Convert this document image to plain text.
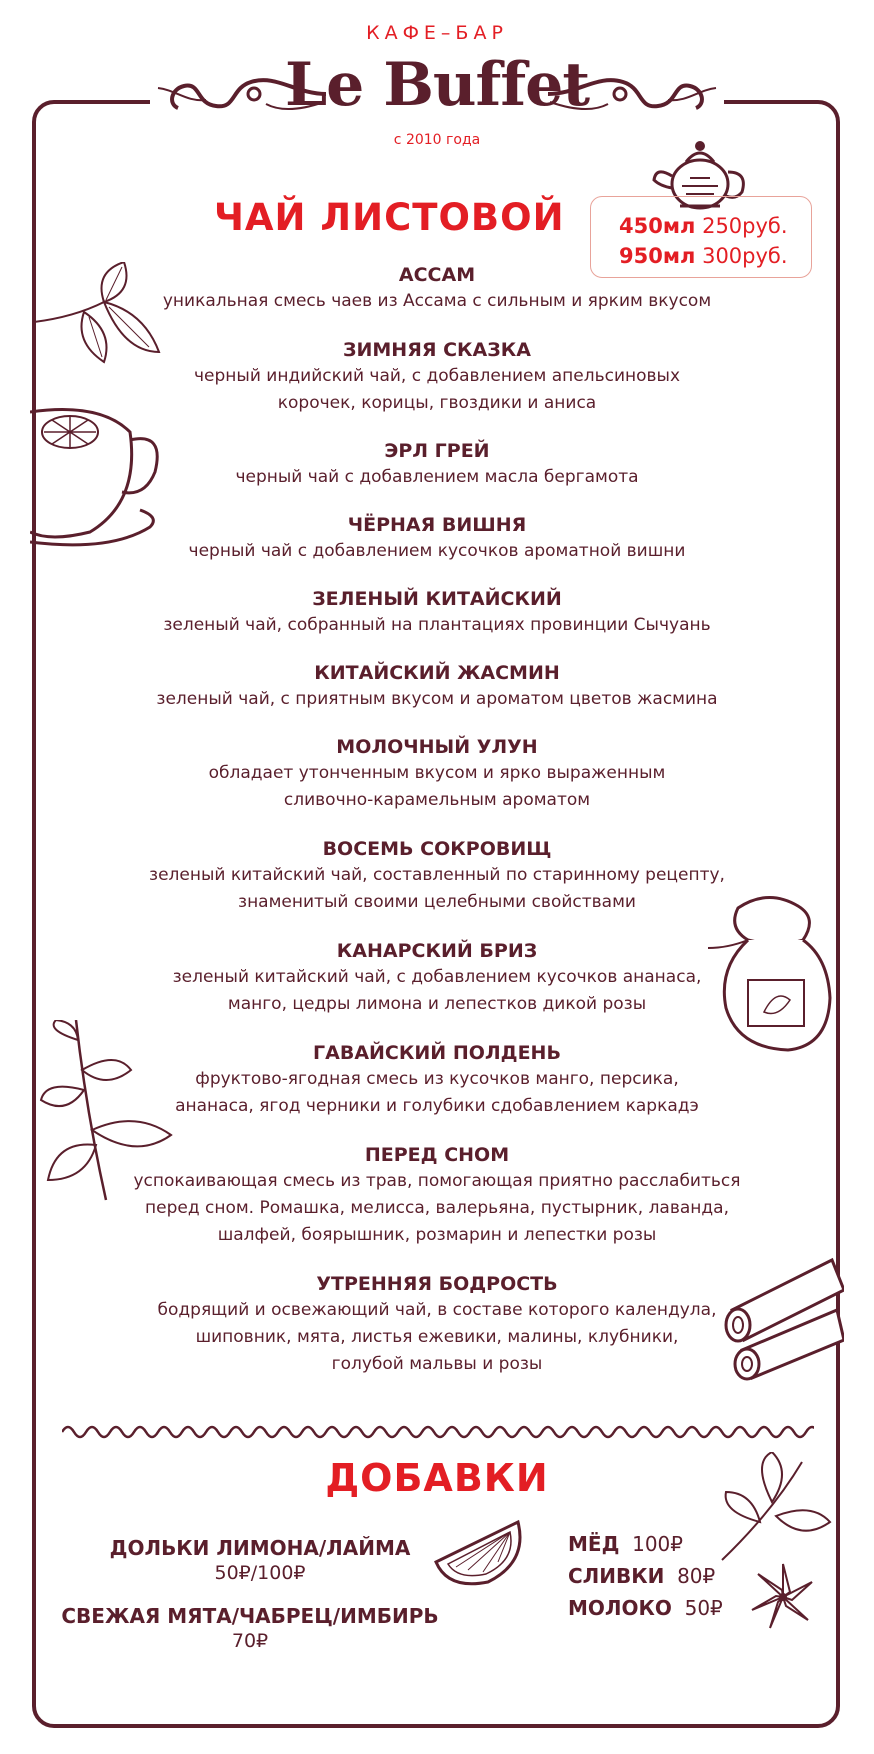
КАФЕ–БАР
Le Buffet
с 2010 года
ЧАЙ ЛИСТОВОЙ	450мл 250руб.
950мл 300руб.
АССАМ
уникальная смесь чаев из Ассама с сильным и ярким вкусом
ЗИМНЯЯ СКАЗКА
черный индийский чай, с добавлением апельсиновых
корочек, корицы, гвоздики и аниса
ЭРЛ ГРЕЙ
черный чай с добавлением масла бергамота
ЧЁРНАЯ ВИШНЯ
черный чай с добавлением кусочков ароматной вишни
ЗЕЛЕНЫЙ КИТАЙСКИЙ
зеленый чай, собранный на плантациях провинции Сычуань
КИТАЙСКИЙ ЖАСМИН
зеленый чай, с приятным вкусом и ароматом цветов жасмина
МОЛОЧНЫЙ УЛУН
обладает утонченным вкусом и ярко выраженным
сливочно-карамельным ароматом
ВОСЕМЬ СОКРОВИЩ
зеленый китайский чай, составленный по старинному рецепту,
знаменитый своими целебными свойствами
КАНАРСКИЙ БРИЗ
зеленый китайский чай, с добавлением кусочков ананаса,
манго, цедры лимона и лепестков дикой розы
ГАВАЙСКИЙ ПОЛДЕНЬ
фруктово-ягодная смесь из кусочков манго, персика,
ананаса, ягод черники и голубики сдобавлением каркадэ
ПЕРЕД СНОМ
успокаивающая смесь из трав, помогающая приятно расслабиться
перед сном. Ромашка, мелисса, валерьяна, пустырник, лаванда,
шалфей, боярышник, розмарин и лепестки розы
УТРЕННЯЯ БОДРОСТЬ
бодрящий и освежающий чай, в составе которого календула,
шиповник, мята, листья ежевики, малины, клубники,
голубой мальвы и розы
ДОБАВКИ
ДОЛЬКИ ЛИМОНА/ЛАЙМА
50₽/100₽
СВЕЖАЯ МЯТА/ЧАБРЕЦ/ИМБИРЬ
70₽
МЁД 100₽
СЛИВКИ 80₽
МОЛОКО 50₽
